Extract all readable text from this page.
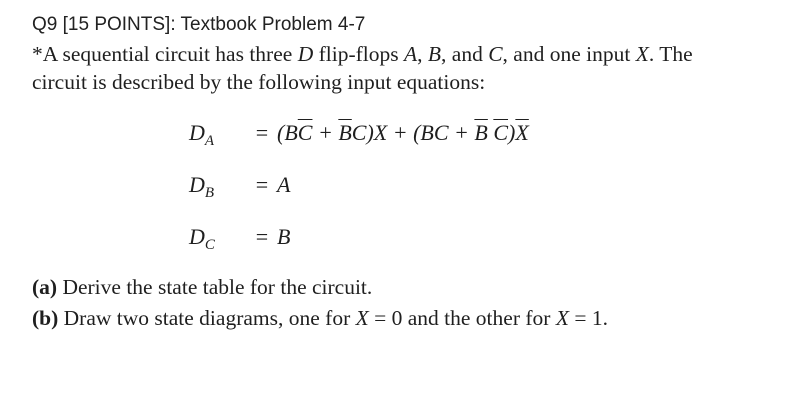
Q9 [15 POINTS]: Textbook Problem 4-7
*A sequential circuit has three D flip-flops A, B, and C, and one input X. The
circuit is described by the following input equations:
$D_A = (B\overline{C} + \overline{B}C)X + (BC + \overline{B}$ $\overline{C})\overline{X}$
$D_B = A$
$D_C = B$
(a) Derive the state table for the circuit.
(b) Draw two state diagrams, one for X = 0 and the other for X = 1.
